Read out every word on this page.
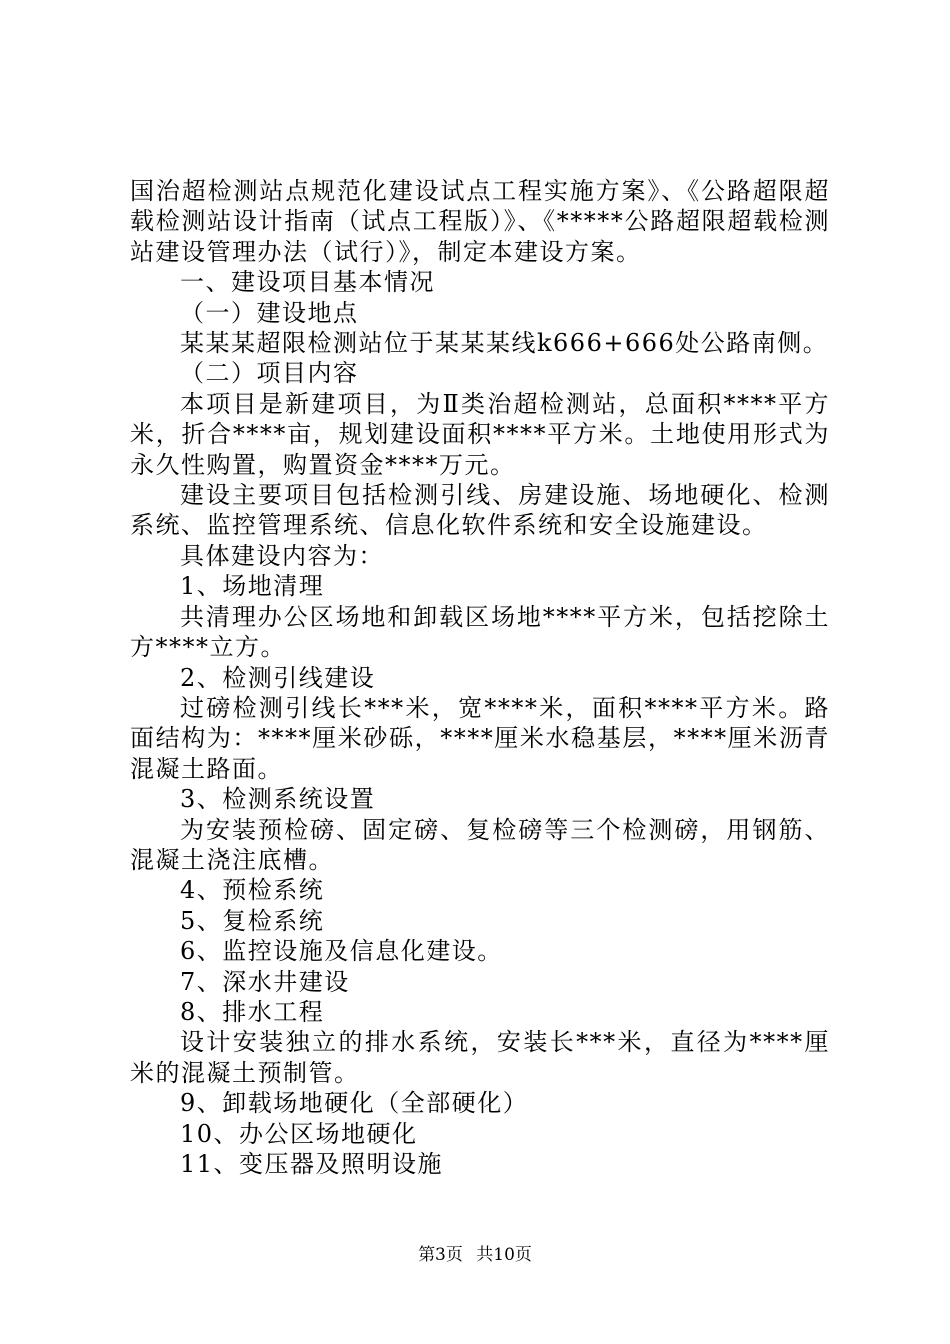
国治超检测站点规范化建设试点工程实施方案》、《公路超限超载检测站设计指南（试点工程版）》、《*****公路超限超载检测站建设管理办法（试行）》，制定本建设方案。

一、建设项目基本情况

（一）建设地点

某某某超限检测站位于某某某线k666+666处公路南侧。

（二）项目内容

本项目是新建项目，为Ⅱ类治超检测站，总面积****平方米，折合****亩，规划建设面积****平方米。土地使用形式为永久性购置，购置资金****万元。

建设主要项目包括检测引线、房建设施、场地硬化、检测系统、监控管理系统、信息化软件系统和安全设施建设。

具体建设内容为：

1、场地清理

共清理办公区场地和卸载区场地****平方米，包括挖除土方****立方。

2、检测引线建设

过磅检测引线长***米，宽****米，面积****平方米。路面结构为：****厘米砂砾，****厘米水稳基层，****厘米沥青混凝土路面。

3、检测系统设置

为安装预检磅、固定磅、复检磅等三个检测磅，用钢筋、混凝土浇注底槽。

4、预检系统

5、复检系统

6、监控设施及信息化建设。

7、深水井建设

8、排水工程

设计安装独立的排水系统，安装长***米，直径为****厘米的混凝土预制管。

9、卸载场地硬化（全部硬化）

10、办公区场地硬化

11、变压器及照明设施

第3页 共10页
